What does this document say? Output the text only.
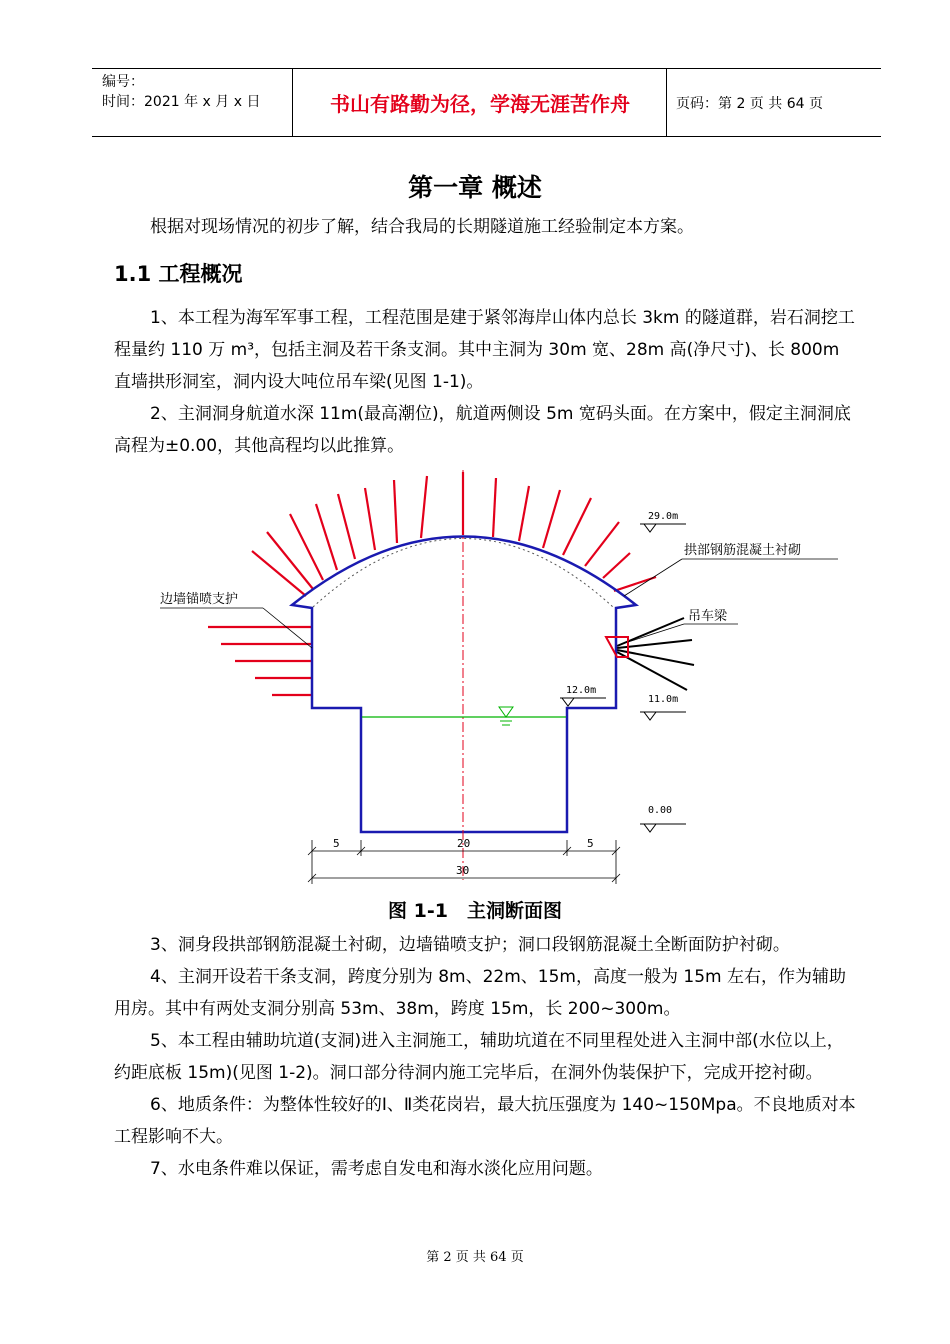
编号：
时间：2021 年 x 月 x 日	书山有路勤为径，学海无涯苦作舟	页码：第 2 页 共 64 页
第一章 概述

根据对现场情况的初步了解，结合我局的长期隧道施工经验制定本方案。

1.1 工程概况

1、本工程为海军军事工程，工程范围是建于紧邻海岸山体内总长 3km 的隧道群，岩石洞挖工程量约 110 万 m³，包括主洞及若干条支洞。其中主洞为 30m 宽、28m 高(净尺寸)、长 800m 直墙拱形洞室，洞内设大吨位吊车梁(见图 1-1)。

2、主洞洞身航道水深 11m(最高潮位)，航道两侧设 5m 宽码头面。在方案中，假定主洞洞底高程为±0.00，其他高程均以此推算。

29.0m
12.0m
11.0m
0.00
拱部钢筋混凝土衬砌
边墙锚喷支护
吊车梁
5	20	5
30
图 1-1　主洞断面图

3、洞身段拱部钢筋混凝土衬砌，边墙锚喷支护；洞口段钢筋混凝土全断面防护衬砌。

4、主洞开设若干条支洞，跨度分别为 8m、22m、15m，高度一般为 15m 左右，作为辅助用房。其中有两处支洞分别高 53m、38m，跨度 15m，长 200~300m。

5、本工程由辅助坑道(支洞)进入主洞施工，辅助坑道在不同里程处进入主洞中部(水位以上，约距底板 15m)(见图 1-2)。洞口部分待洞内施工完毕后，在洞外伪装保护下，完成开挖衬砌。

6、地质条件：为整体性较好的Ⅰ、Ⅱ类花岗岩，最大抗压强度为 140~150Mpa。不良地质对本工程影响不大。

7、水电条件难以保证，需考虑自发电和海水淡化应用问题。

第 2 页 共 64 页
